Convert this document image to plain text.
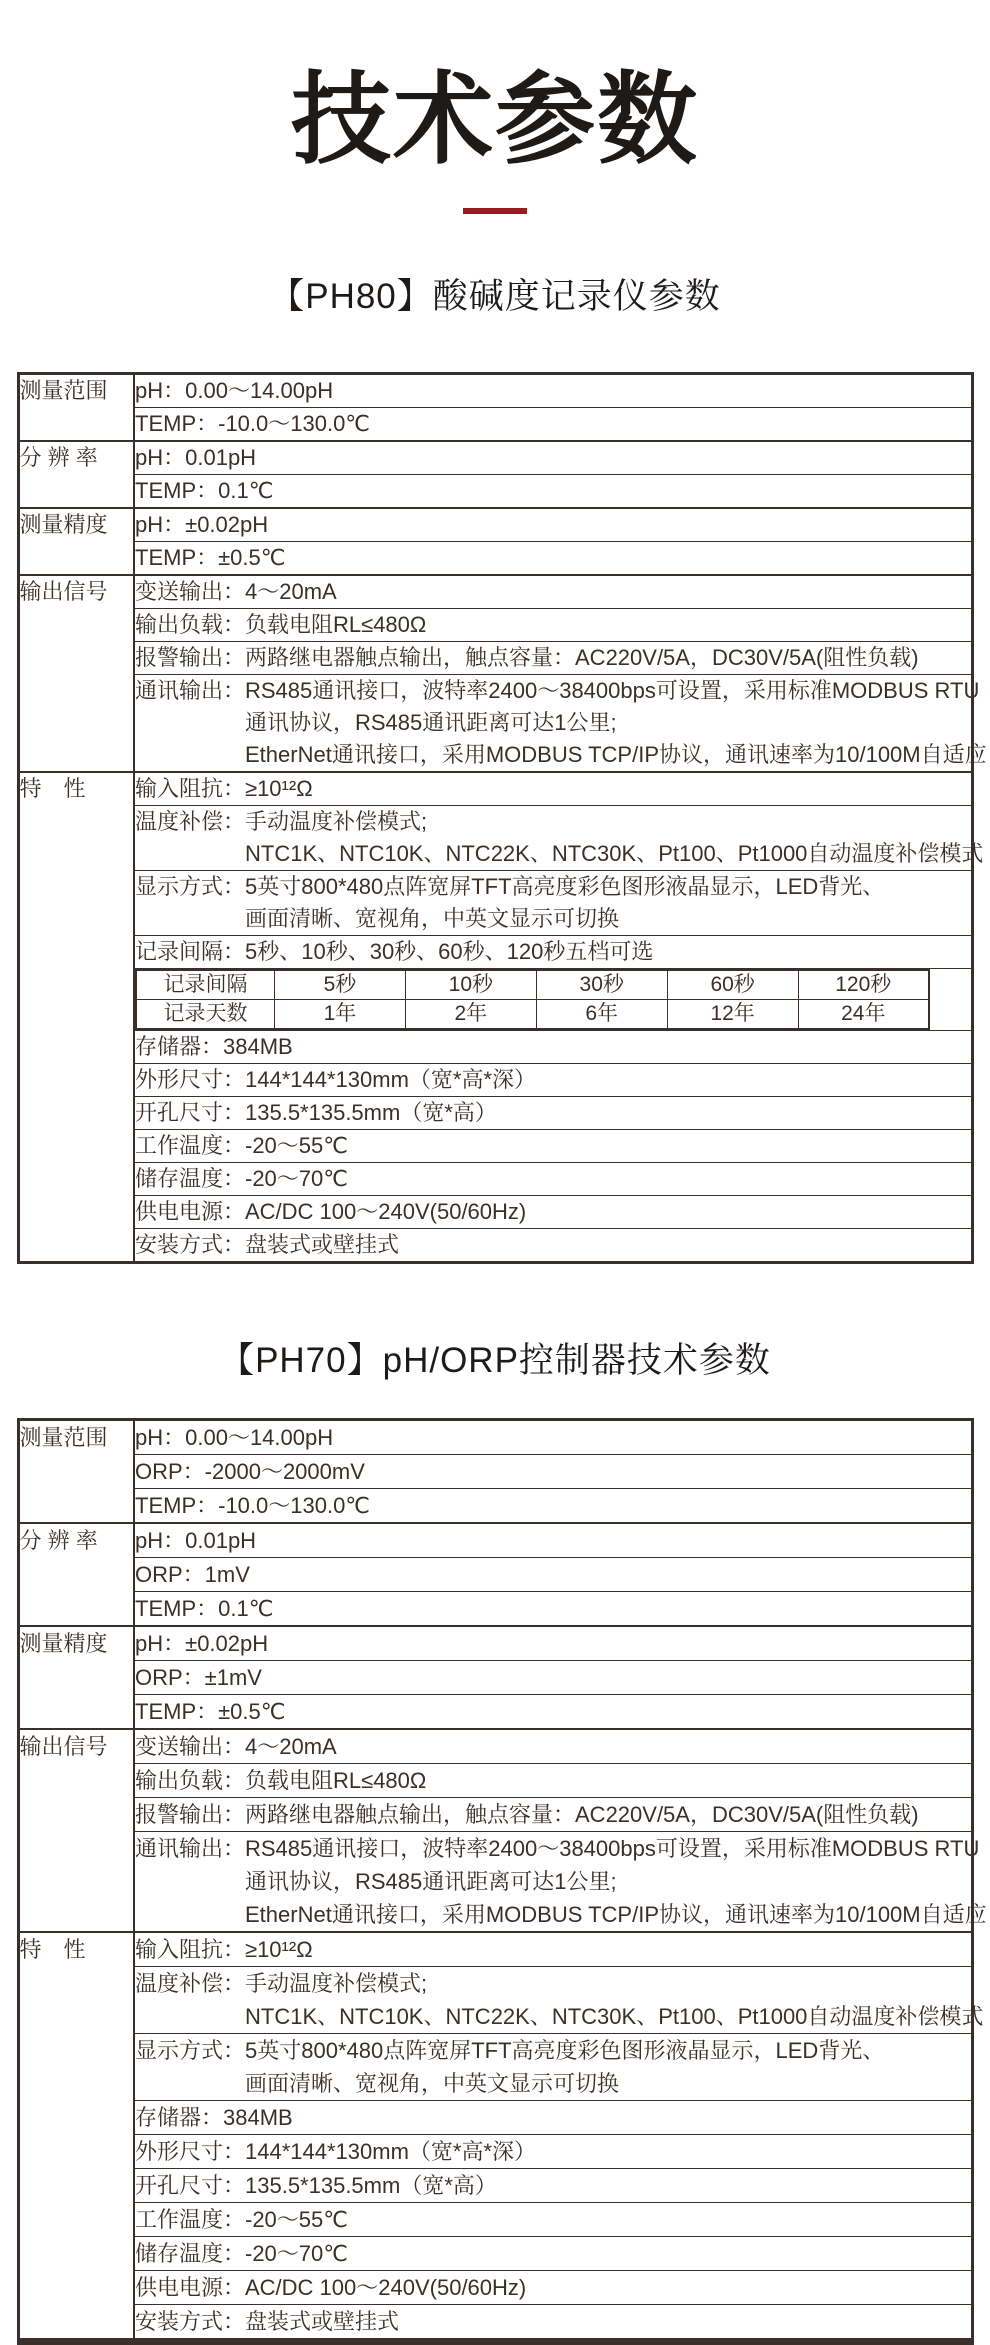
技术参数
【PH80】酸碱度记录仪参数
测量范围	pH：0.00～14.00pH

TEMP：-10.0～130.0℃

分 辨 率	pH：0.01pH

TEMP：0.1℃

测量精度	pH：±0.02pH

TEMP：±0.5℃

输出信号	变送输出：4～20mA

输出负载：负载电阻RL≤480Ω

报警输出：两路继电器触点输出，触点容量：AC220V/5A，DC30V/5A(阻性负载)

通讯输出：RS485通讯接口，波特率2400～38400bps可设置，采用标准MODBUS RTU
通讯协议，RS485通讯距离可达1公里;
EtherNet通讯接口，采用MODBUS TCP/IP协议，通讯速率为10/100M自适应

特　性	输入阻抗：≥10¹²Ω

温度补偿：手动温度补偿模式;
NTC1K、NTC10K、NTC22K、NTC30K、Pt100、Pt1000自动温度补偿模式

显示方式：5英寸800*480点阵宽屏TFT高亮度彩色图形液晶显示，LED背光、
画面清晰、宽视角，中英文显示可切换

记录间隔：5秒、10秒、30秒、60秒、120秒五档可选

记录间隔	5秒	10秒	30秒	60秒	120秒
记录天数	1年	2年	6年	12年	24年

存储器：384MB

外形尺寸：144*144*130mm（宽*高*深）

开孔尺寸：135.5*135.5mm（宽*高）

工作温度：-20～55℃

储存温度：-20～70℃

供电电源：AC/DC 100～240V(50/60Hz)

安装方式：盘装式或壁挂式
【PH70】pH/ORP控制器技术参数
测量范围	pH：0.00～14.00pH

	ORP：-2000～2000mV

	TEMP：-10.0～130.0℃

分 辨 率	pH：0.01pH

	ORP：1mV

	TEMP：0.1℃

测量精度	pH：±0.02pH

	ORP：±1mV

	TEMP：±0.5℃

输出信号	变送输出：4～20mA

	输出负载：负载电阻RL≤480Ω

	报警输出：两路继电器触点输出，触点容量：AC220V/5A，DC30V/5A(阻性负载)

	通讯输出：RS485通讯接口，波特率2400～38400bps可设置，采用标准MODBUS RTU
通讯协议，RS485通讯距离可达1公里;
EtherNet通讯接口，采用MODBUS TCP/IP协议，通讯速率为10/100M自适应

特　性	输入阻抗：≥10¹²Ω

	温度补偿：手动温度补偿模式;
NTC1K、NTC10K、NTC22K、NTC30K、Pt100、Pt1000自动温度补偿模式

	显示方式：5英寸800*480点阵宽屏TFT高亮度彩色图形液晶显示，LED背光、
画面清晰、宽视角，中英文显示可切换

	存储器：384MB

	外形尺寸：144*144*130mm（宽*高*深）

	开孔尺寸：135.5*135.5mm（宽*高）

	工作温度：-20～55℃

	储存温度：-20～70℃

	供电电源：AC/DC 100～240V(50/60Hz)

	安装方式：盘装式或壁挂式
